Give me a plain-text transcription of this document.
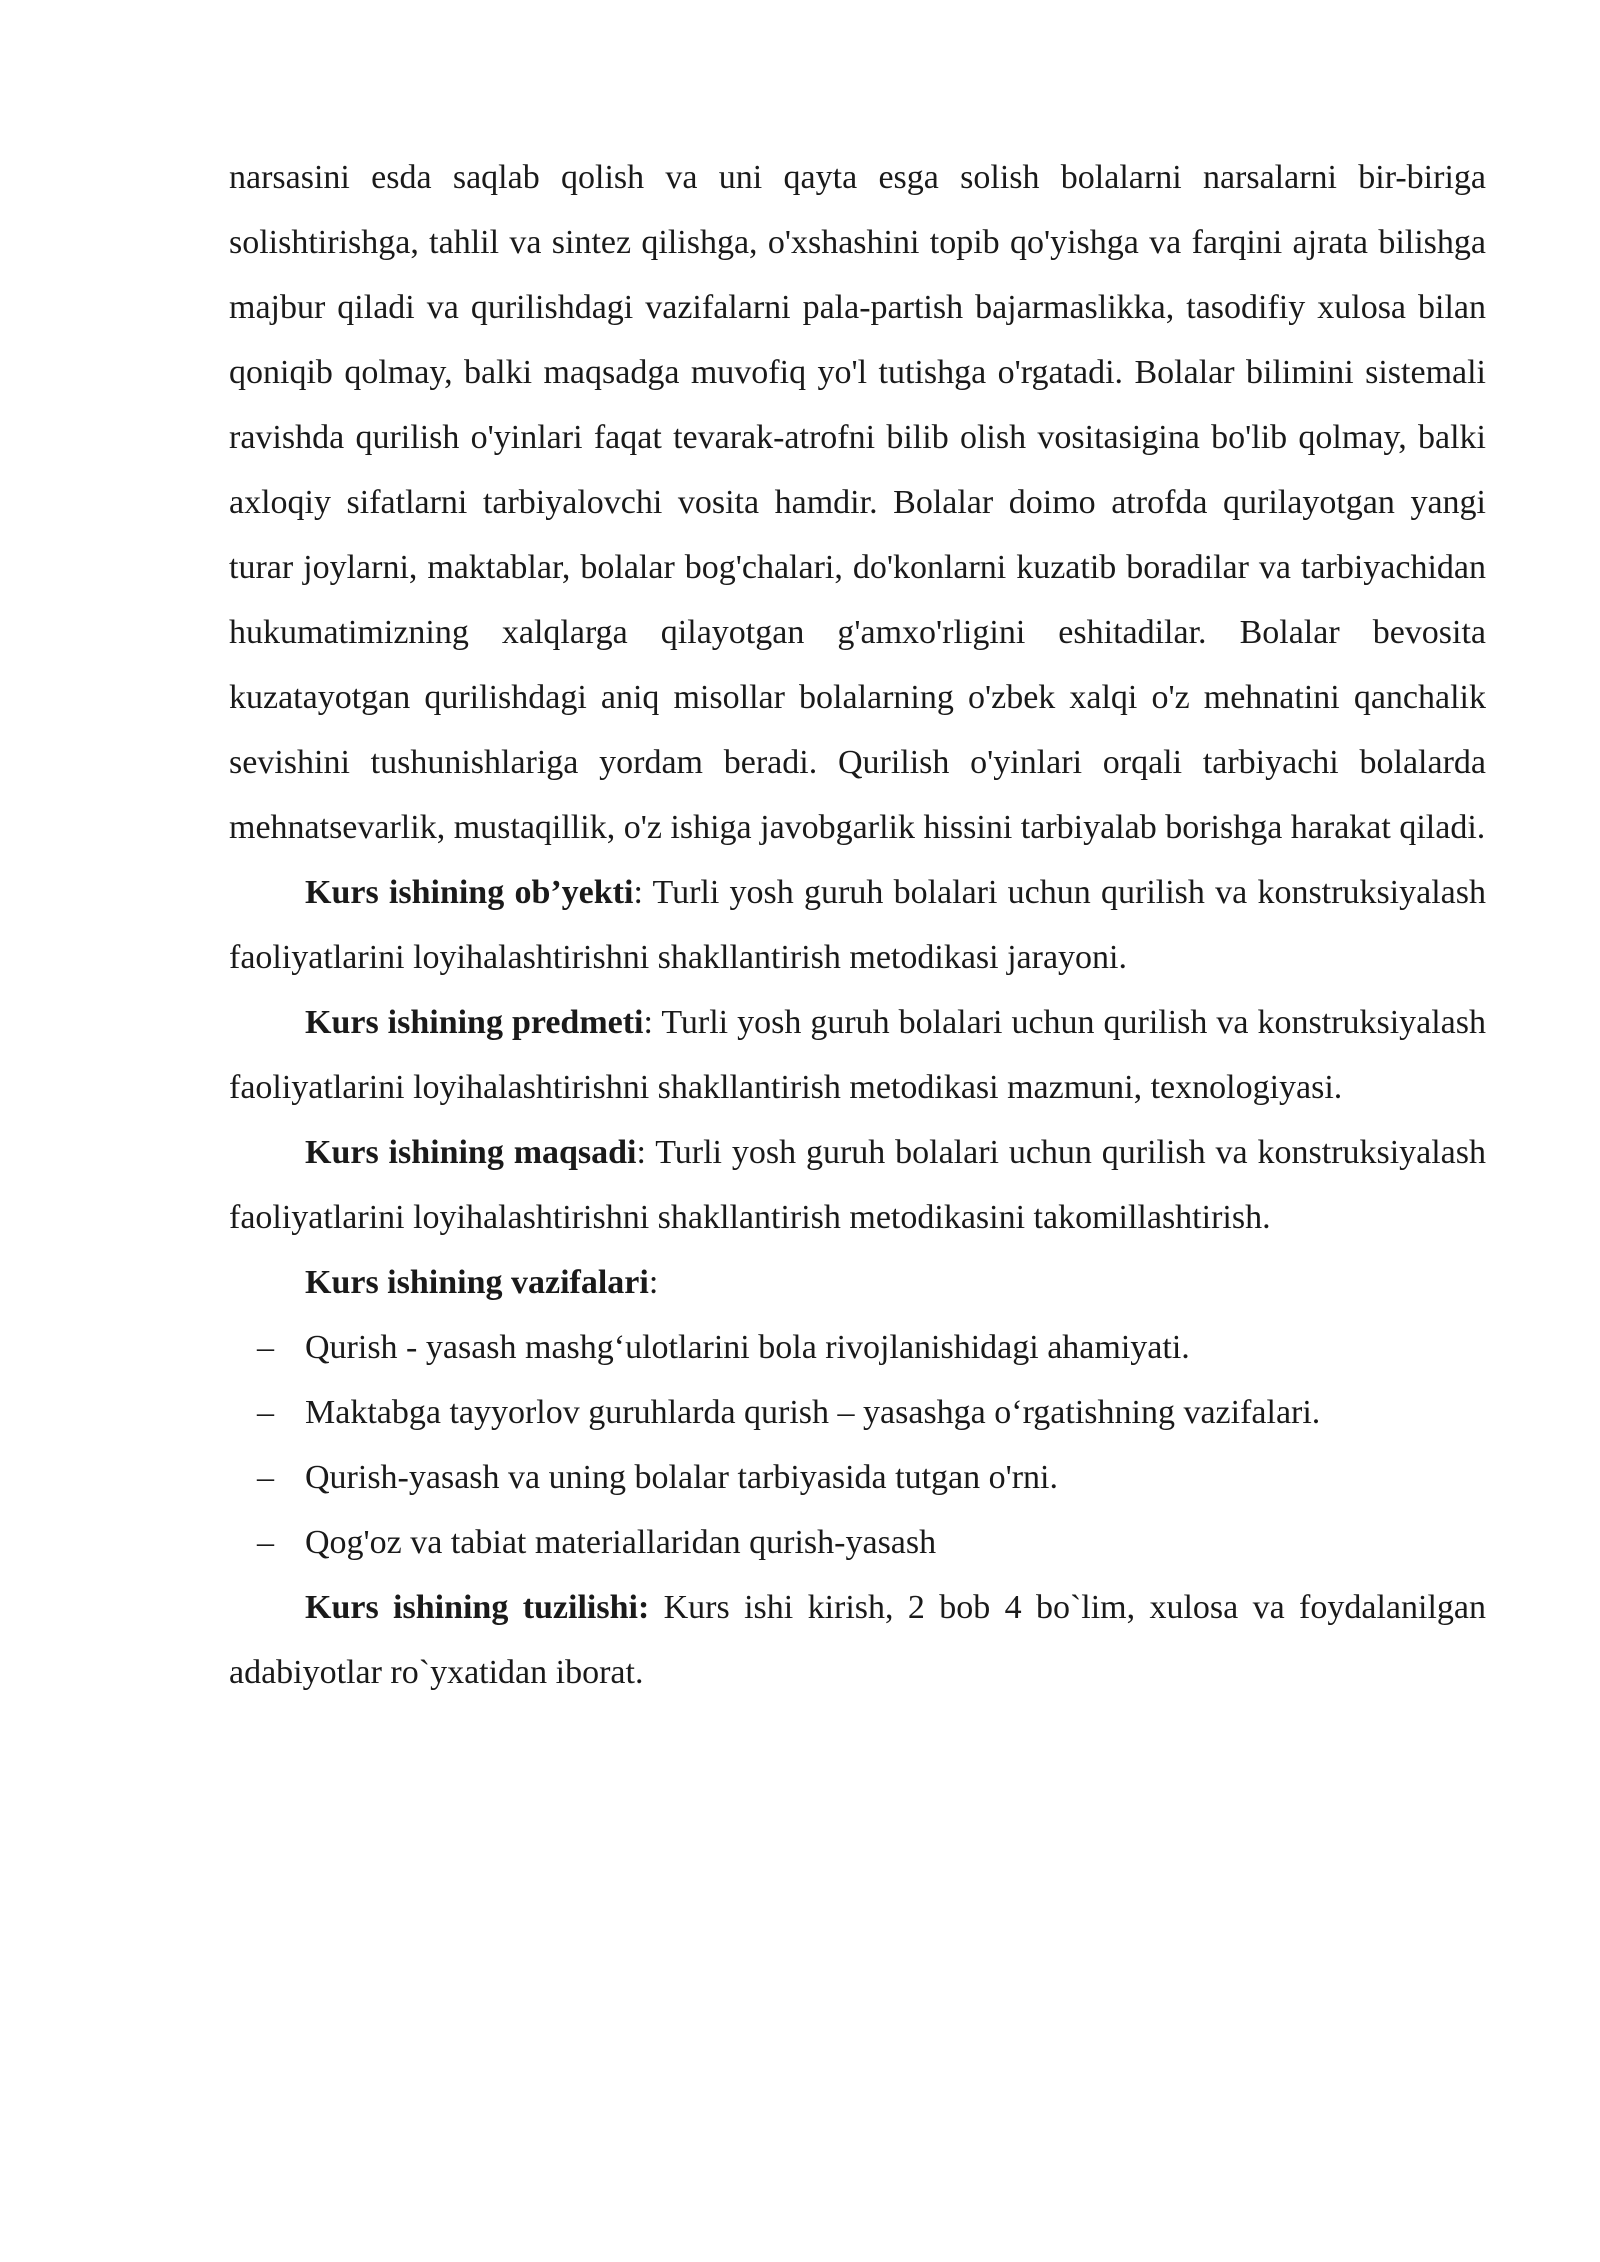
narsasini esda saqlab qolish va uni qayta esga solish bolalarni narsalarni bir-biriga solishtirishga, tahlil va sintez qilishga, o'xshashini topib qo'yishga va farqini ajrata bilishga majbur qiladi va qurilishdagi vazifalarni pala-partish bajarmaslikka, tasodifiy xulosa bilan qoniqib qolmay, balki maqsadga muvofiq yo'l tutishga o'rgatadi. Bolalar bilimini sistemali ravishda qurilish o'yinlari faqat tevarak-atrofni bilib olish vositasigina bo'lib qolmay, balki axloqiy sifatlarni tarbiyalovchi vosita hamdir. Bolalar doimo atrofda qurilayotgan yangi turar joylarni, maktablar, bolalar bog'chalari, do'konlarni kuzatib boradilar va tarbiyachidan hukumatimizning xalqlarga qilayotgan g'amxo'rligini eshitadilar. Bolalar bevosita kuzatayotgan qurilishdagi aniq misollar bolalarning o'zbek xalqi o'z mehnatini qanchalik sevishini tushunishlariga yordam beradi. Qurilish o'yinlari orqali tarbiyachi bolalarda mehnatsevarlik, mustaqillik, o'z ishiga javobgarlik hissini tarbiyalab borishga harakat qiladi.

Kurs ishining ob’yekti: Turli yosh guruh bolalari uchun qurilish va konstruksiyalash faoliyatlarini loyihalashtirishni shakllantirish metodikasi jarayoni.

Kurs ishining predmeti: Turli yosh guruh bolalari uchun qurilish va konstruksiyalash faoliyatlarini loyihalashtirishni shakllantirish metodikasi mazmuni, texnologiyasi.

Kurs ishining maqsadi: Turli yosh guruh bolalari uchun qurilish va konstruksiyalash faoliyatlarini loyihalashtirishni shakllantirish metodikasini takomillashtirish.

Kurs ishining vazifalari:

– Qurish - yasash mashg‘ulotlarini bola rivojlanishidagi ahamiyati.
– Maktabga tayyorlov guruhlarda qurish – yasashga o‘rgatishning vazifalari.
– Qurish-yasash va uning bolalar tarbiyasida tutgan o'rni.
– Qog'oz va tabiat materiallaridan qurish-yasash

Kurs ishining tuzilishi: Kurs ishi kirish, 2 bob 4 bo`lim, xulosa va foydalanilgan adabiyotlar ro`yxatidan iborat.
